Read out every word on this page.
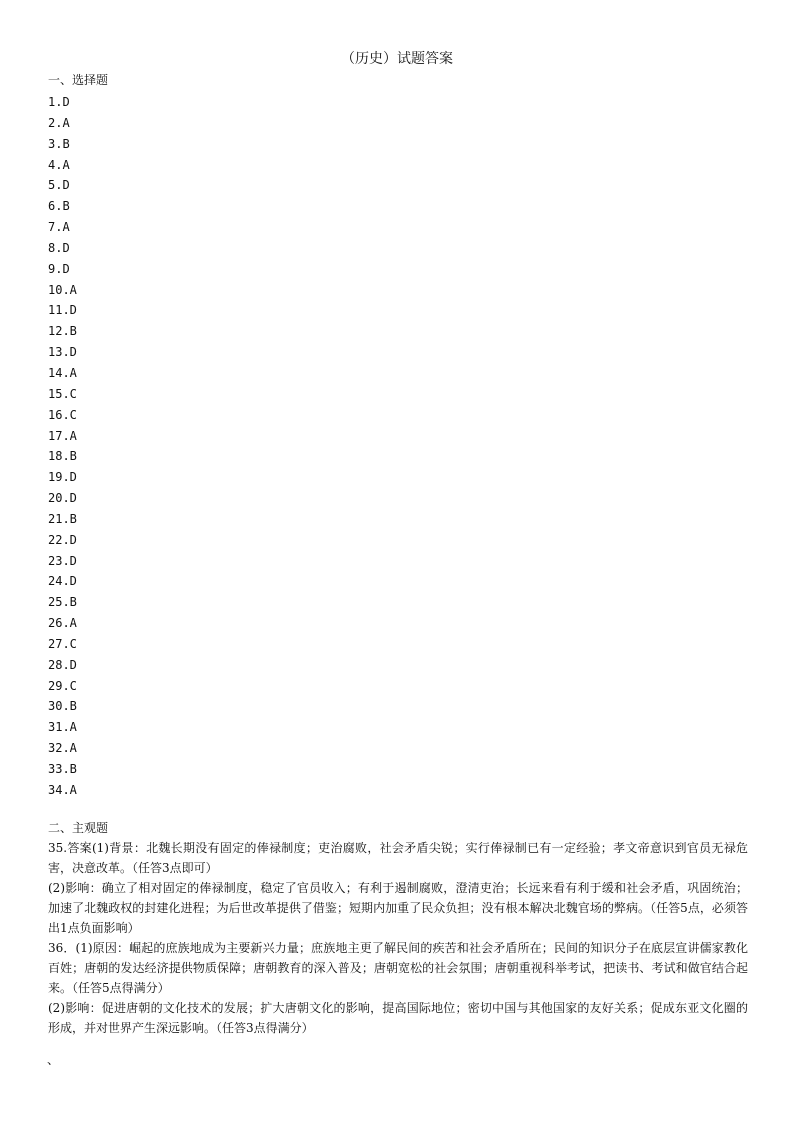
（历史）试题答案
一、选择题
1.D
2.A
3.B
4.A
5.D
6.B
7.A
8.D
9.D
10.A
11.D
12.B
13.D
14.A
15.C
16.C
17.A
18.B
19.D
20.D
21.B
22.D
23.D
24.D
25.B
26.A
27.C
28.D
29.C
30.B
31.A
32.A
33.B
34.A
二、主观题

35.答案(1)背景：北魏长期没有固定的俸禄制度；吏治腐败，社会矛盾尖锐；实行俸禄制已有一定经验；孝文帝意识到官员无禄危害，决意改革。（任答3点即可）

(2)影响：确立了相对固定的俸禄制度，稳定了官员收入；有利于遏制腐败，澄清吏治；长远来看有利于缓和社会矛盾，巩固统治；加速了北魏政权的封建化进程；为后世改革提供了借鉴；短期内加重了民众负担；没有根本解决北魏官场的弊病。（任答5点，必须答出1点负面影响）

36．(1)原因：崛起的庶族地成为主要新兴力量；庶族地主更了解民间的疾苦和社会矛盾所在；民间的知识分子在底层宣讲儒家教化百姓；唐朝的发达经济提供物质保障；唐朝教育的深入普及；唐朝宽松的社会氛围；唐朝重视科举考试，把读书、考试和做官结合起来。（任答5点得满分）

(2)影响：促进唐朝的文化技术的发展；扩大唐朝文化的影响，提高国际地位；密切中国与其他国家的友好关系；促成东亚文化圈的形成，并对世界产生深远影响。（任答3点得满分）

、
